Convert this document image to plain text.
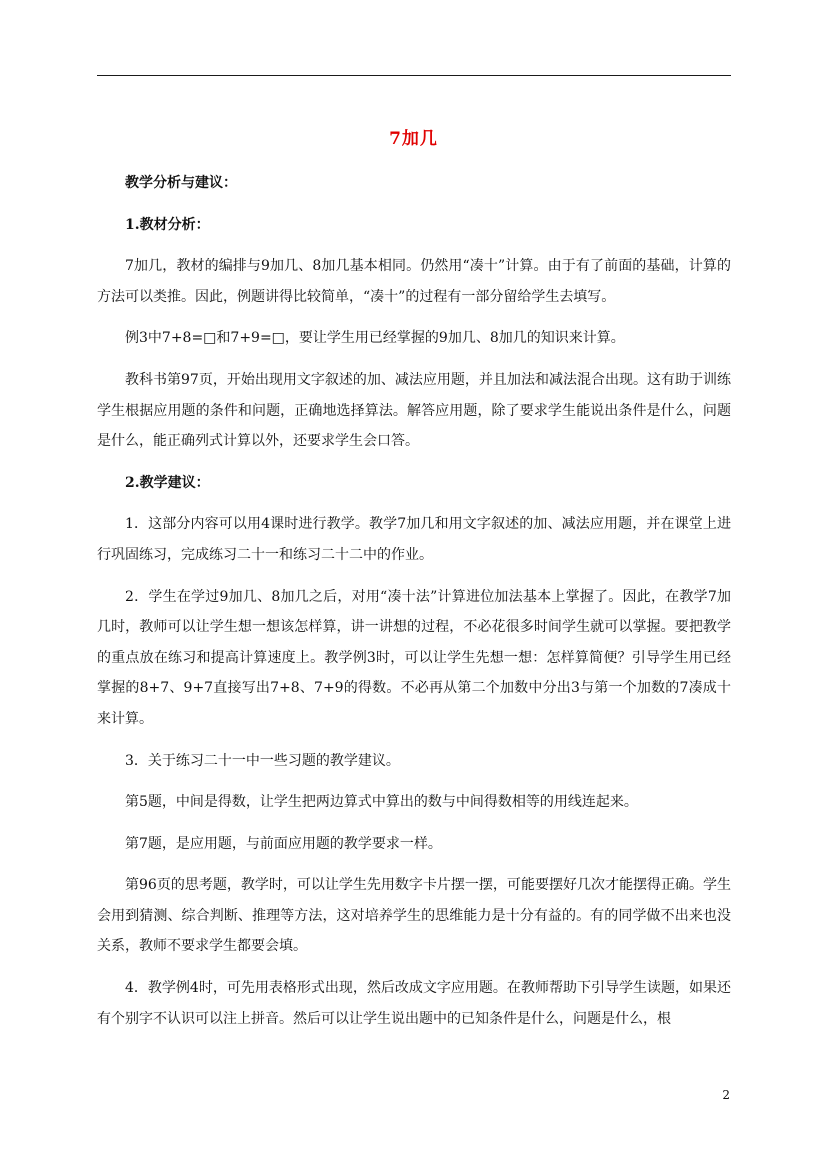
7加几

教学分析与建议：

1.教材分析：

7加几，教材的编排与9加几、8加几基本相同。仍然用“凑十”计算。由于有了前面的基础，计算的方法可以类推。因此，例题讲得比较简单，“凑十”的过程有一部分留给学生去填写。

例3中7+8=□和7+9=□，要让学生用已经掌握的9加几、8加几的知识来计算。

教科书第97页，开始出现用文字叙述的加、减法应用题，并且加法和减法混合出现。这有助于训练学生根据应用题的条件和问题，正确地选择算法。解答应用题，除了要求学生能说出条件是什么，问题是什么，能正确列式计算以外，还要求学生会口答。

2.教学建议：

1．这部分内容可以用4课时进行教学。教学7加几和用文字叙述的加、减法应用题，并在课堂上进行巩固练习，完成练习二十一和练习二十二中的作业。

2．学生在学过9加几、8加几之后，对用“凑十法”计算进位加法基本上掌握了。因此，在教学7加几时，教师可以让学生想一想该怎样算，讲一讲想的过程，不必花很多时间学生就可以掌握。要把教学的重点放在练习和提高计算速度上。教学例3时，可以让学生先想一想：怎样算简便？引导学生用已经掌握的8+7、9+7直接写出7+8、7+9的得数。不必再从第二个加数中分出3与第一个加数的7凑成十来计算。

3．关于练习二十一中一些习题的教学建议。

第5题，中间是得数，让学生把两边算式中算出的数与中间得数相等的用线连起来。

第7题，是应用题，与前面应用题的教学要求一样。

第96页的思考题，教学时，可以让学生先用数字卡片摆一摆，可能要摆好几次才能摆得正确。学生会用到猜测、综合判断、推理等方法，这对培养学生的思维能力是十分有益的。有的同学做不出来也没关系，教师不要求学生都要会填。

4．教学例4时，可先用表格形式出现，然后改成文字应用题。在教师帮助下引导学生读题，如果还有个别字不认识可以注上拼音。然后可以让学生说出题中的已知条件是什么，问题是什么，根

2
